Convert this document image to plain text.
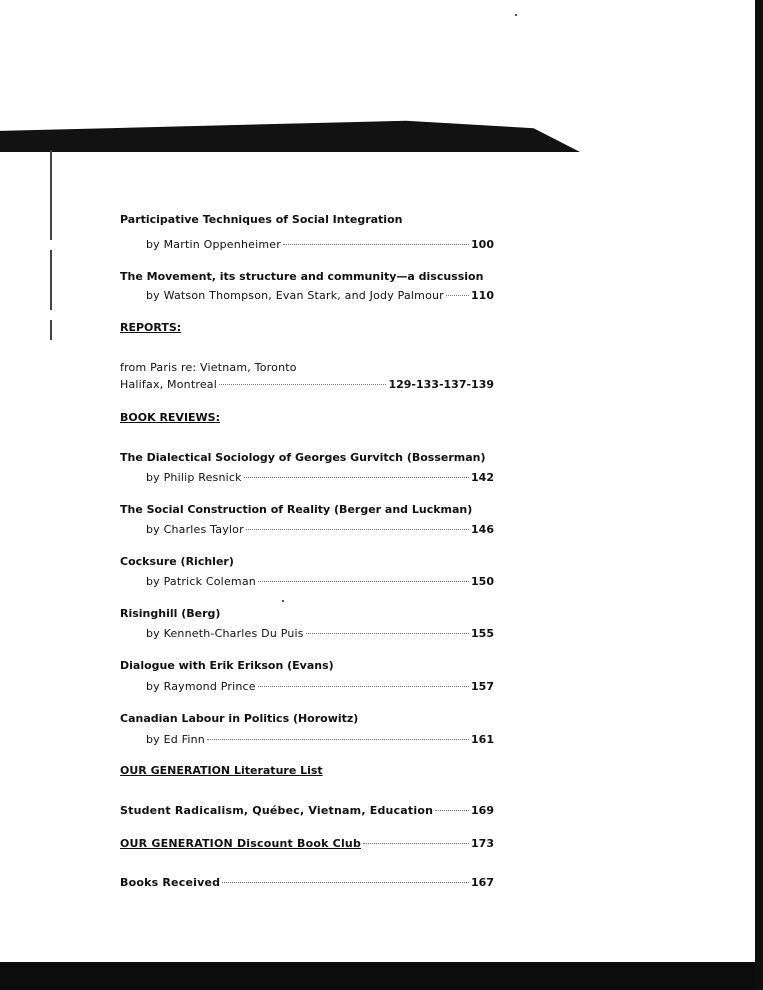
Participative Techniques of Social Integration
by Martin Oppenheimer	100
The Movement, its structure and community—a discussion
by Watson Thompson, Evan Stark, and Jody Palmour 110
REPORTS:
from Paris re: Vietnam, Toronto
Halifax, Montreal	129-133-137-139
BOOK REVIEWS:
The Dialectical Sociology of Georges Gurvitch (Bosserman)
by Philip Resnick	142
The Social Construction of Reality (Berger and Luckman)
by Charles Taylor	146
Cocksure (Richler)
by Patrick Coleman	150
Risinghill (Berg)
by Kenneth-Charles Du Puis	155
Dialogue with Erik Erikson (Evans)
by Raymond Prince	157
Canadian Labour in Politics (Horowitz)
by Ed Finn	161
OUR GENERATION Literature List
Student Radicalism, Québec, Vietnam, Education	169
OUR GENERATION Discount Book Club	173
Books Received	167
